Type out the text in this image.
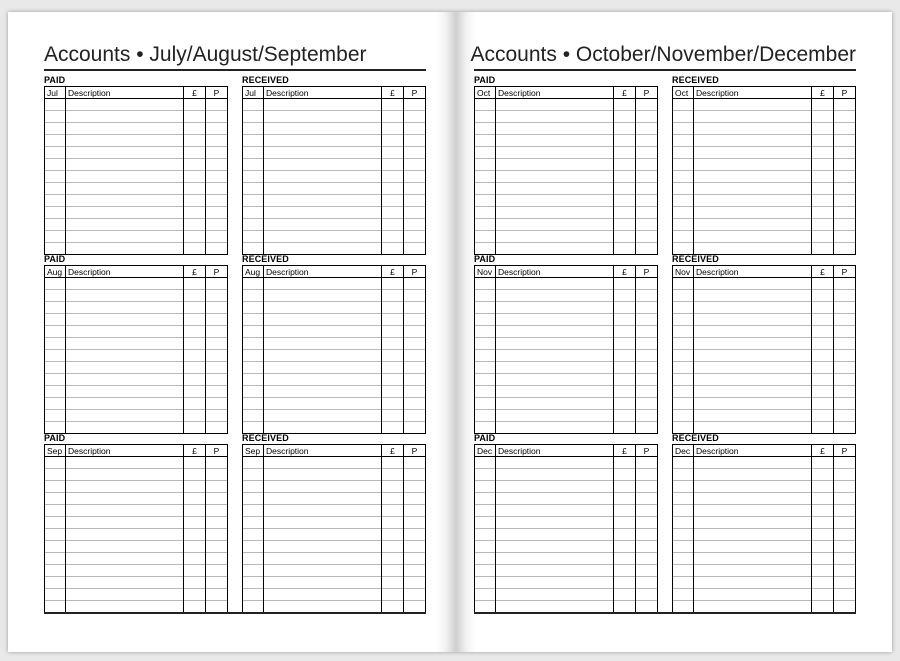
Accounts • July/August/September
PAID
Jul	Description	£	P

PAID
Aug	Description	£	P

PAID
Sep	Description	£	P

RECEIVED
Jul	Description	£	P

RECEIVED
Aug	Description	£	P

RECEIVED
Sep	Description	£	P

Accounts • October/November/December
PAID
Oct	Description	£	P

PAID
Nov	Description	£	P

PAID
Dec	Description	£	P

RECEIVED
Oct	Description	£	P

RECEIVED
Nov	Description	£	P

RECEIVED
Dec	Description	£	P
